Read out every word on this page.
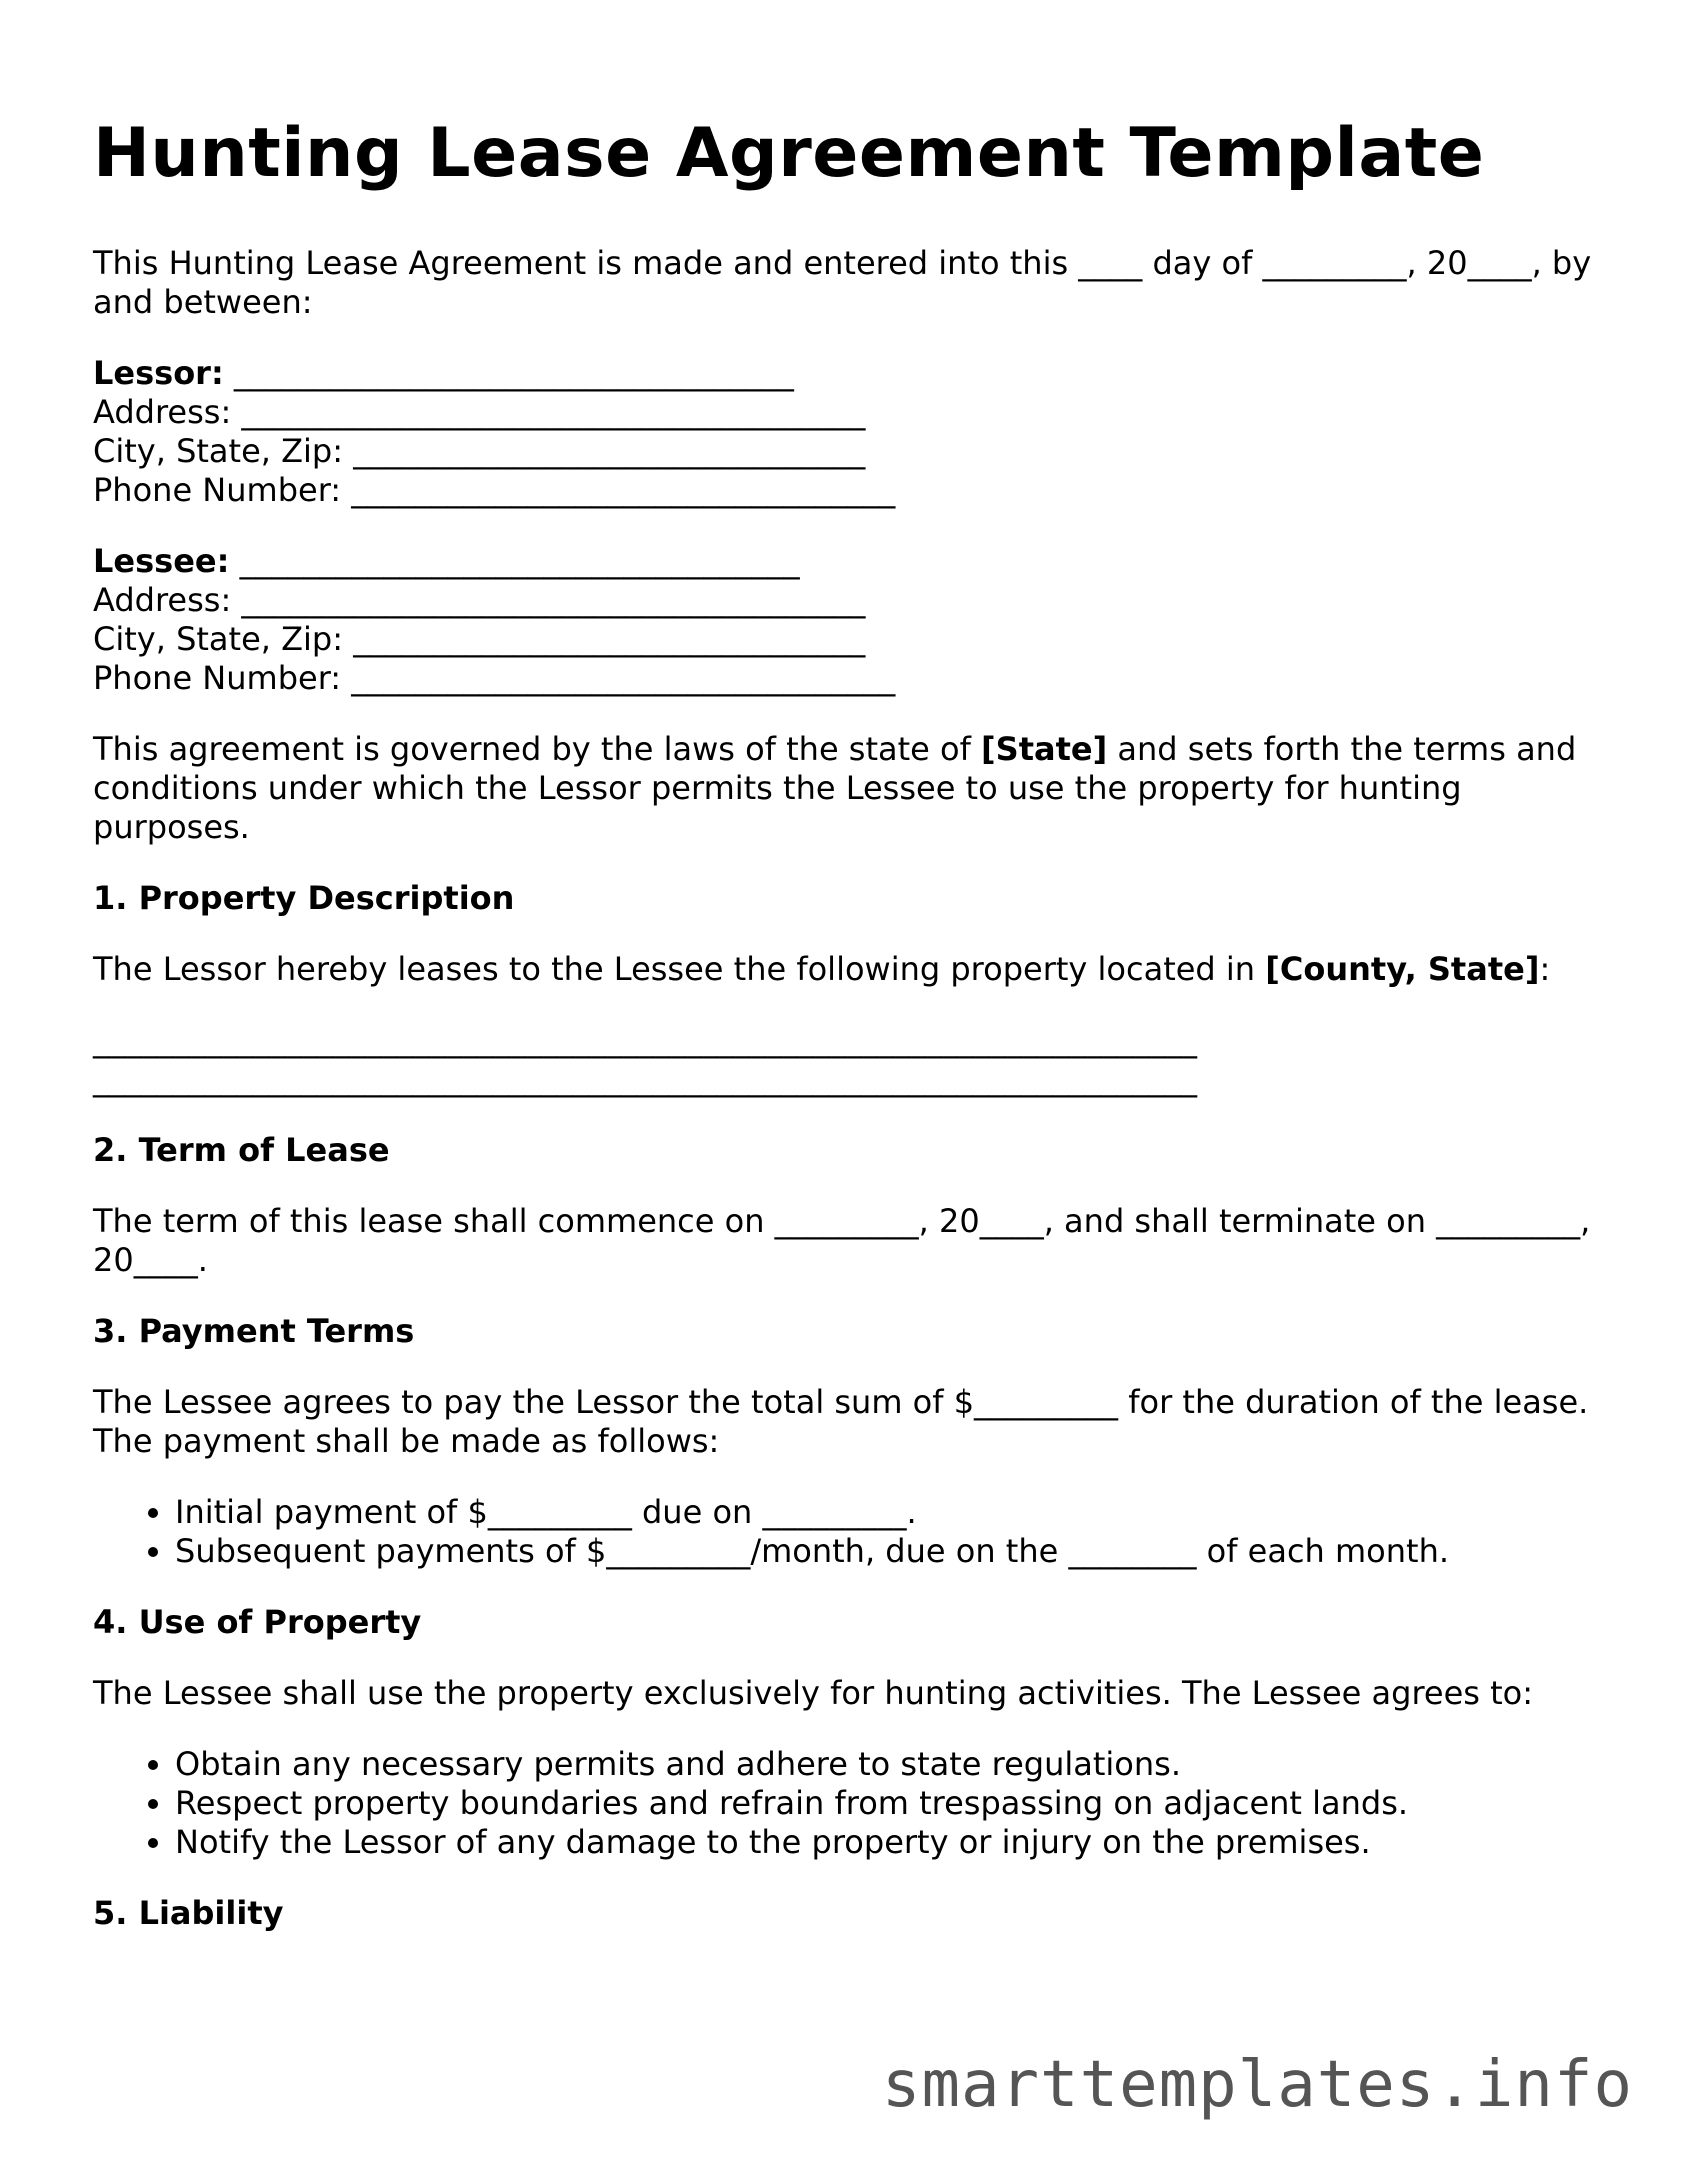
Hunting Lease Agreement Template

This Hunting Lease Agreement is made and entered into this ____ day of _________, 20____, by and between:

Lessor: ___________________________________
Address: _______________________________________
City, State, Zip: ________________________________
Phone Number: __________________________________
Lessee: ___________________________________
Address: _______________________________________
City, State, Zip: ________________________________
Phone Number: __________________________________

This agreement is governed by the laws of the state of [State] and sets forth the terms and conditions under which the Lessor permits the Lessee to use the property for hunting purposes.

1. Property Description

The Lessor hereby leases to the Lessee the following property located in [County, State]:

_____________________________________________________________________
_____________________________________________________________________
2. Term of Lease

The term of this lease shall commence on _________, 20____, and shall terminate on _________, 20____.

3. Payment Terms

The Lessee agrees to pay the Lessor the total sum of $_________ for the duration of the lease. The payment shall be made as follows:

• Initial payment of $_________ due on _________.
• Subsequent payments of $_________/month, due on the ________ of each month.
4. Use of Property

The Lessee shall use the property exclusively for hunting activities. The Lessee agrees to:

• Obtain any necessary permits and adhere to state regulations.
• Respect property boundaries and refrain from trespassing on adjacent lands.
• Notify the Lessor of any damage to the property or injury on the premises.
5. Liability
smarttemplates.info
